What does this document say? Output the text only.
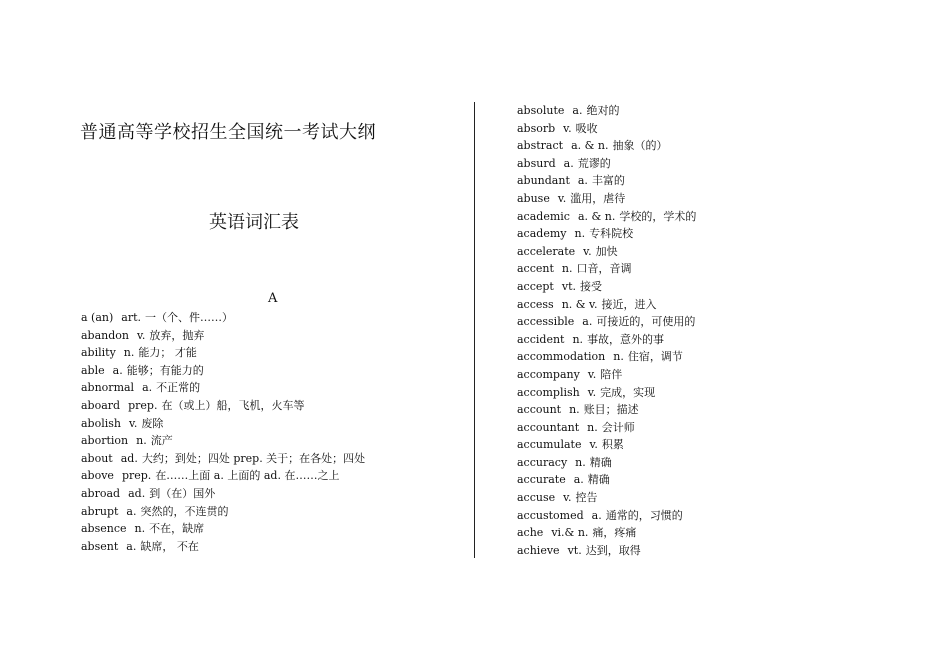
普通高等学校招生全国统一考试大纲
英语词汇表
A
a (an) art. 一（个、件……）
abandon v. 放弃，抛弃
ability n. 能力； 才能
able a. 能够；有能力的
abnormal a. 不正常的
aboard prep. 在（或上）船，飞机，火车等
abolish v. 废除
abortion n. 流产
about ad. 大约；到处；四处 prep. 关于；在各处；四处
above prep. 在……上面 a. 上面的 ad. 在……之上
abroad ad. 到（在）国外
abrupt a. 突然的，不连贯的
absence n. 不在，缺席
absent a. 缺席， 不在
absolute a. 绝对的
absorb v. 吸收
abstract a. & n. 抽象（的）
absurd a. 荒谬的
abundant a. 丰富的
abuse v. 滥用，虐待
academic a. & n. 学校的，学术的
academy n. 专科院校
accelerate v. 加快
accent n. 口音，音调
accept vt. 接受
access n. & v. 接近，进入
accessible a. 可接近的，可使用的
accident n. 事故，意外的事
accommodation n. 住宿，调节
accompany v. 陪伴
accomplish v. 完成，实现
account n. 账目；描述
accountant n. 会计师
accumulate v. 积累
accuracy n. 精确
accurate a. 精确
accuse v. 控告
accustomed a. 通常的，习惯的
ache vi.& n. 痛，疼痛
achieve vt. 达到，取得
